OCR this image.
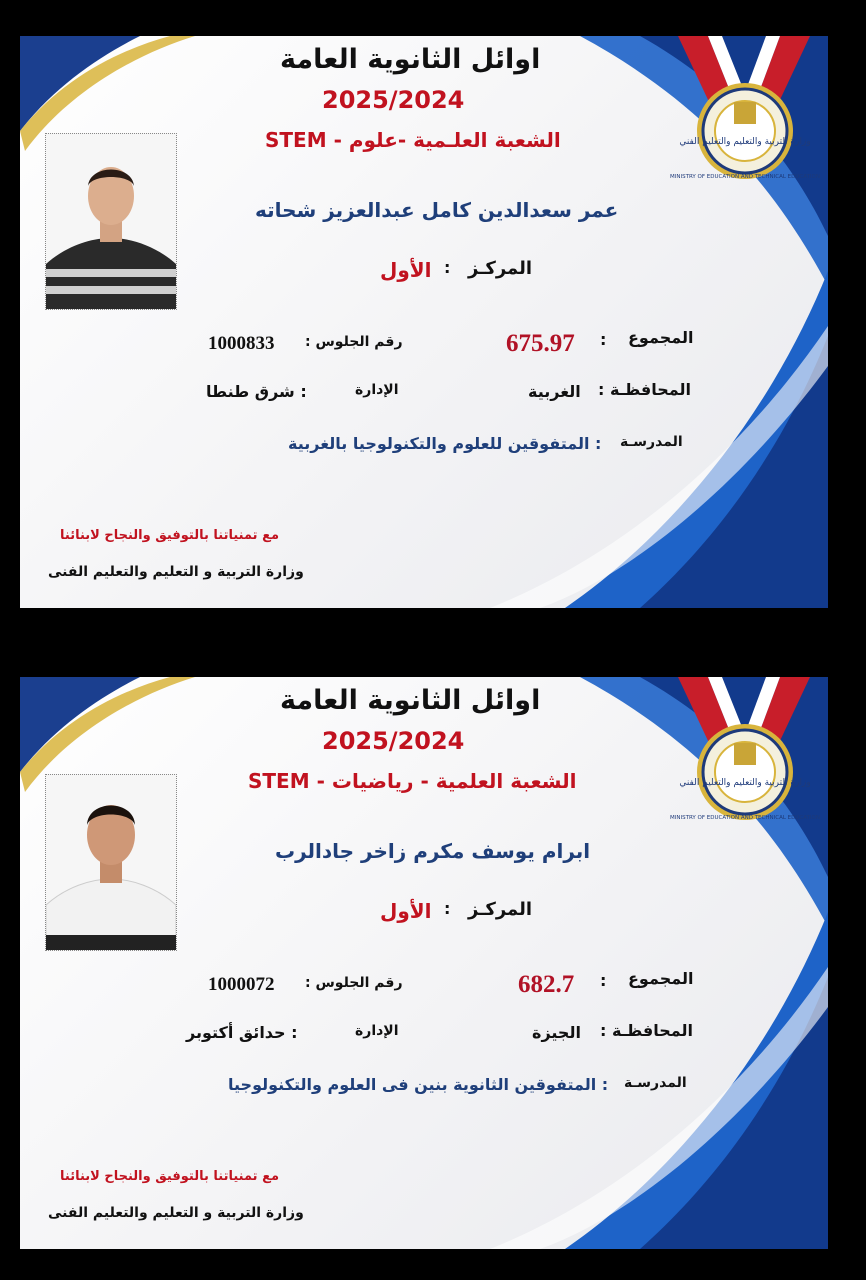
وزارة التربية والتعليم والتعليم الفني
MINISTRY OF EDUCATION AND TECHNICAL EDUCATION
اوائل الثانوية العامة
2025/2024
الشعبة العلـمية -علوم - STEM
عمر سعدالدين كامل عبدالعزيز شحاته
الأول : المركـز
المجموع
:
675.97
رقم الجلوس :
1000833
المحافظـة :
الغربية
الإدارة
: شرق طنطا
المدرسـة
: المتفوقين للعلوم والتكنولوجيا بالغربية
مع تمنياتنا بالتوفيق والنجاح لابنائنا
وزارة التربية و التعليم والتعليم الفنى
وزارة التربية والتعليم والتعليم الفني
MINISTRY OF EDUCATION AND TECHNICAL EDUCATION
اوائل الثانوية العامة
2025/2024
الشعبة العلمية - رياضيات - STEM
ابرام يوسف مكرم زاخر جادالرب
الأول : المركـز
المجموع
:
682.7
رقم الجلوس :
1000072
المحافظـة :
الجيزة
الإدارة
: حدائق أكتوبر
المدرسـة
: المتفوقين الثانوية بنين فى العلوم والتكنولوجيا
مع تمنياتنا بالتوفيق والنجاح لابنائنا
وزارة التربية و التعليم والتعليم الفنى
